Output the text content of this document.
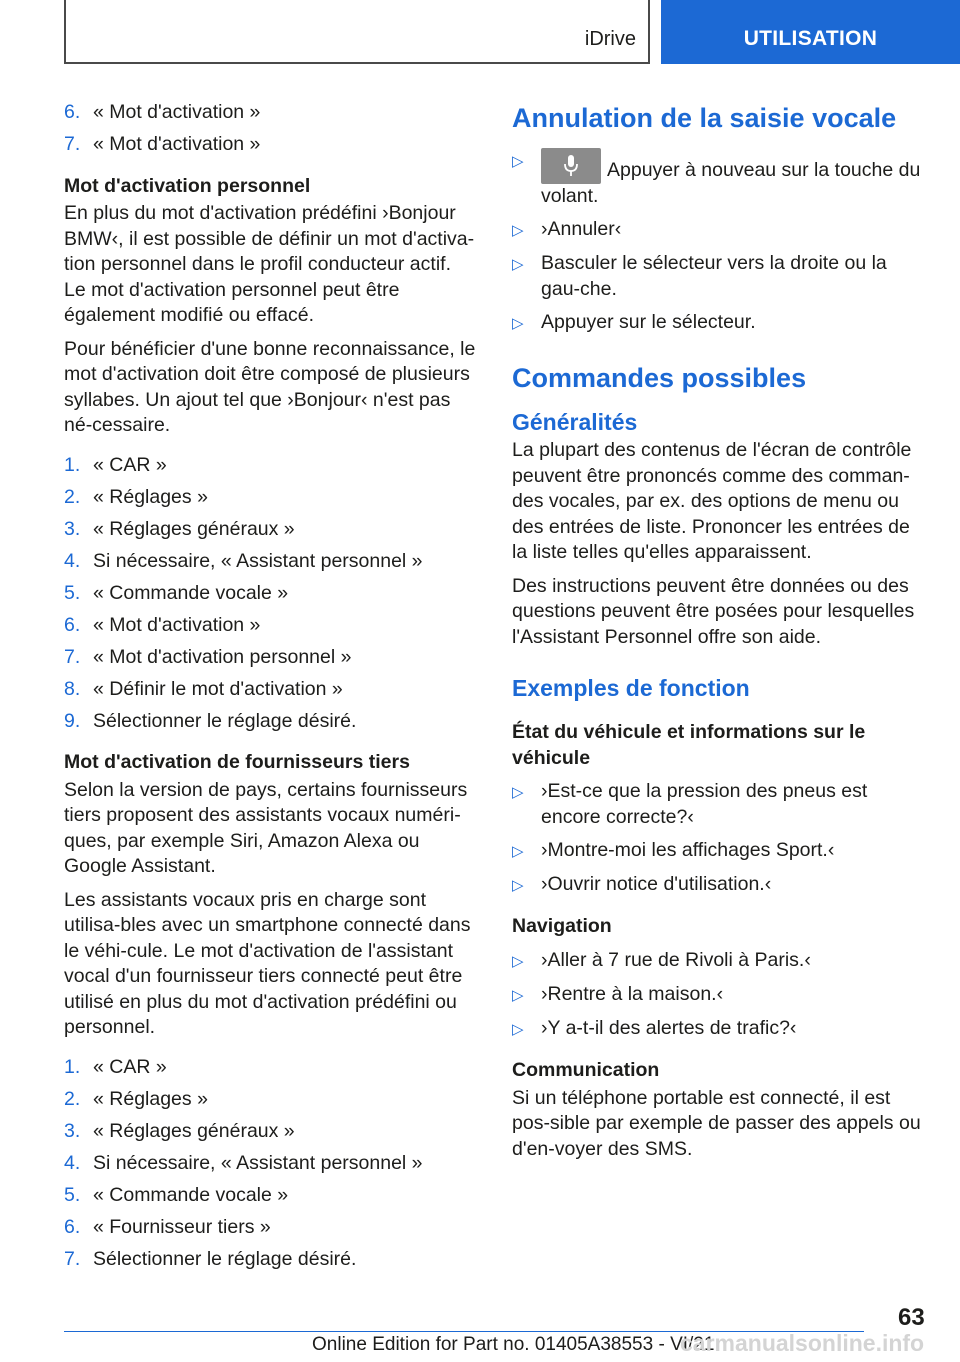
iDrive	UTILISATION
6. « Mot d'activation »
7. « Mot d'activation »
Mot d'activation personnel

En plus du mot d'activation prédéfini ›Bonjour BMW‹, il est possible de définir un mot d'activa-tion personnel dans le profil conducteur actif. Le mot d'activation personnel peut être également modifié ou effacé.

Pour bénéficier d'une bonne reconnaissance, le mot d'activation doit être composé de plusieurs syllabes. Un ajout tel que ›Bonjour‹ n'est pas né-cessaire.

1. « CAR »
2. « Réglages »
3. « Réglages généraux »
4. Si nécessaire, « Assistant personnel »
5. « Commande vocale »
6. « Mot d'activation »
7. « Mot d'activation personnel »
8. « Définir le mot d'activation »
9. Sélectionner le réglage désiré.
Mot d'activation de fournisseurs tiers

Selon la version de pays, certains fournisseurs tiers proposent des assistants vocaux numéri-ques, par exemple Siri, Amazon Alexa ou Google Assistant.

Les assistants vocaux pris en charge sont utilisa-bles avec un smartphone connecté dans le véhi-cule. Le mot d'activation de l'assistant vocal d'un fournisseur tiers connecté peut être utilisé en plus du mot d'activation prédéfini ou personnel.

1. « CAR »
2. « Réglages »
3. « Réglages généraux »
4. Si nécessaire, « Assistant personnel »
5. « Commande vocale »
6. « Fournisseur tiers »
7. Sélectionner le réglage désiré.
Annulation de la saisie vocale
▷	Appuyer à nouveau sur la touche du volant.
▷ ›Annuler‹
▷ Basculer le sélecteur vers la droite ou la gau-che.
▷ Appuyer sur le sélecteur.
Commandes possibles
Généralités

La plupart des contenus de l'écran de contrôle peuvent être prononcés comme des comman-des vocales, par ex. des options de menu ou des entrées de liste. Prononcer les entrées de la liste telles qu'elles apparaissent.

Des instructions peuvent être données ou des questions peuvent être posées pour lesquelles l'Assistant Personnel offre son aide.

Exemples de fonction
État du véhicule et informations sur le véhicule
▷ ›Est-ce que la pression des pneus est encore correcte?‹
▷ ›Montre-moi les affichages Sport.‹
▷ ›Ouvrir notice d'utilisation.‹
Navigation
▷ ›Aller à 7 rue de Rivoli à Paris.‹
▷ ›Rentre à la maison.‹
▷ ›Y a-t-il des alertes de trafic?‹
Communication

Si un téléphone portable est connecté, il est pos-sible par exemple de passer des appels ou d'en-voyer des SMS.

63
Online Edition for Part no. 01405A38553 - VI/21
carmanualsonline.info
